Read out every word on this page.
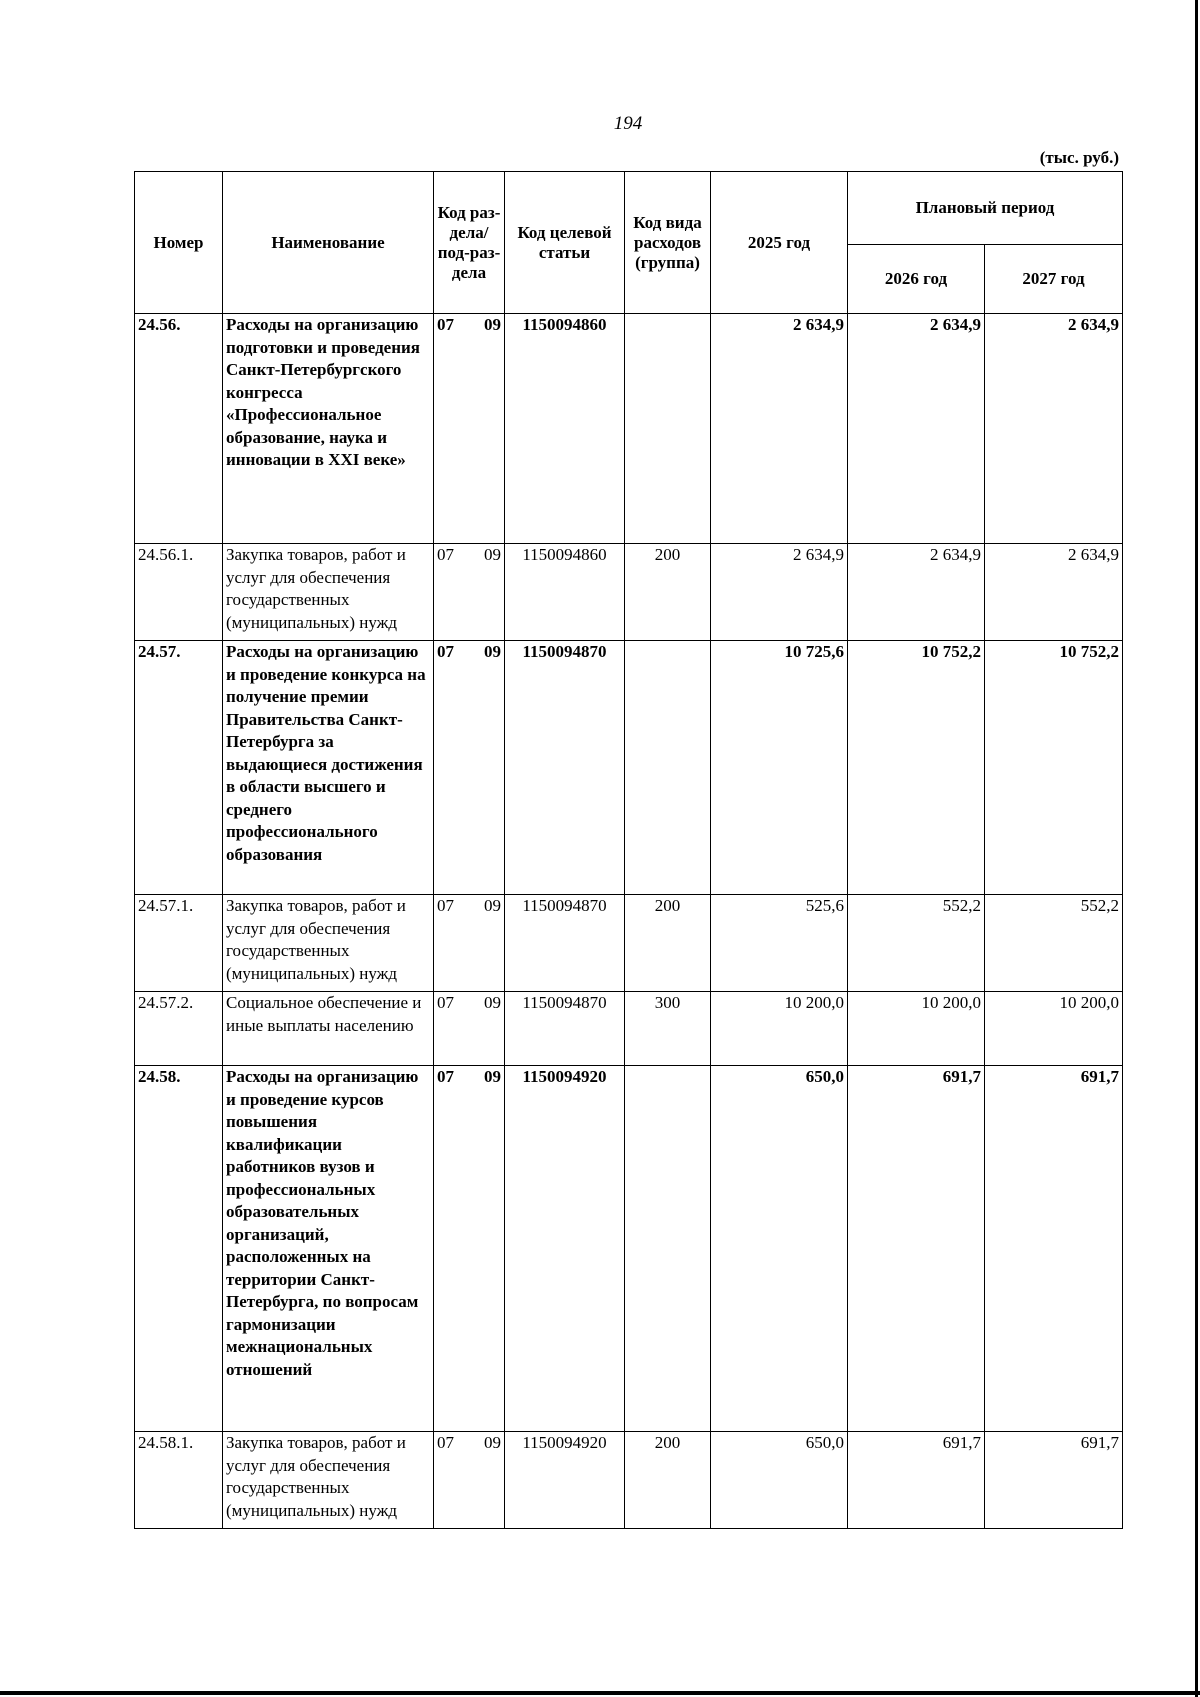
194
(тыс. руб.)
Номер	Наименование	Код раз-дела/ под-раз-дела	Код целевой статьи	Код вида расходов (группа)	2025 год	Плановый период	
						2026 год	2027 год
24.56.	Расходы на организацию подготовки и проведения Санкт-Петербургского конгресса «Профессиональное образование, наука и инновации в XXI веке»	07 09	1150094860		2 634,9	2 634,9	2 634,9
24.56.1.	Закупка товаров, работ и услуг для обеспечения государственных (муниципальных) нужд	07 09	1150094860	200	2 634,9	2 634,9	2 634,9
24.57.	Расходы на организацию и проведение конкурса на получение премии Правительства Санкт-Петербурга за выдающиеся достижения в области высшего и среднего профессионального образования	07 09	1150094870		10 725,6	10 752,2	10 752,2
24.57.1.	Закупка товаров, работ и услуг для обеспечения государственных (муниципальных) нужд	07 09	1150094870	200	525,6	552,2	552,2
24.57.2.	Социальное обеспечение и иные выплаты населению	07 09	1150094870	300	10 200,0	10 200,0	10 200,0
24.58.	Расходы на организацию и проведение курсов повышения квалификации работников вузов и профессиональных образовательных организаций, расположенных на территории Санкт-Петербурга, по вопросам гармонизации межнациональных отношений	07 09	1150094920		650,0	691,7	691,7
24.58.1.	Закупка товаров, работ и услуг для обеспечения государственных (муниципальных) нужд	07 09	1150094920	200	650,0	691,7	691,7
